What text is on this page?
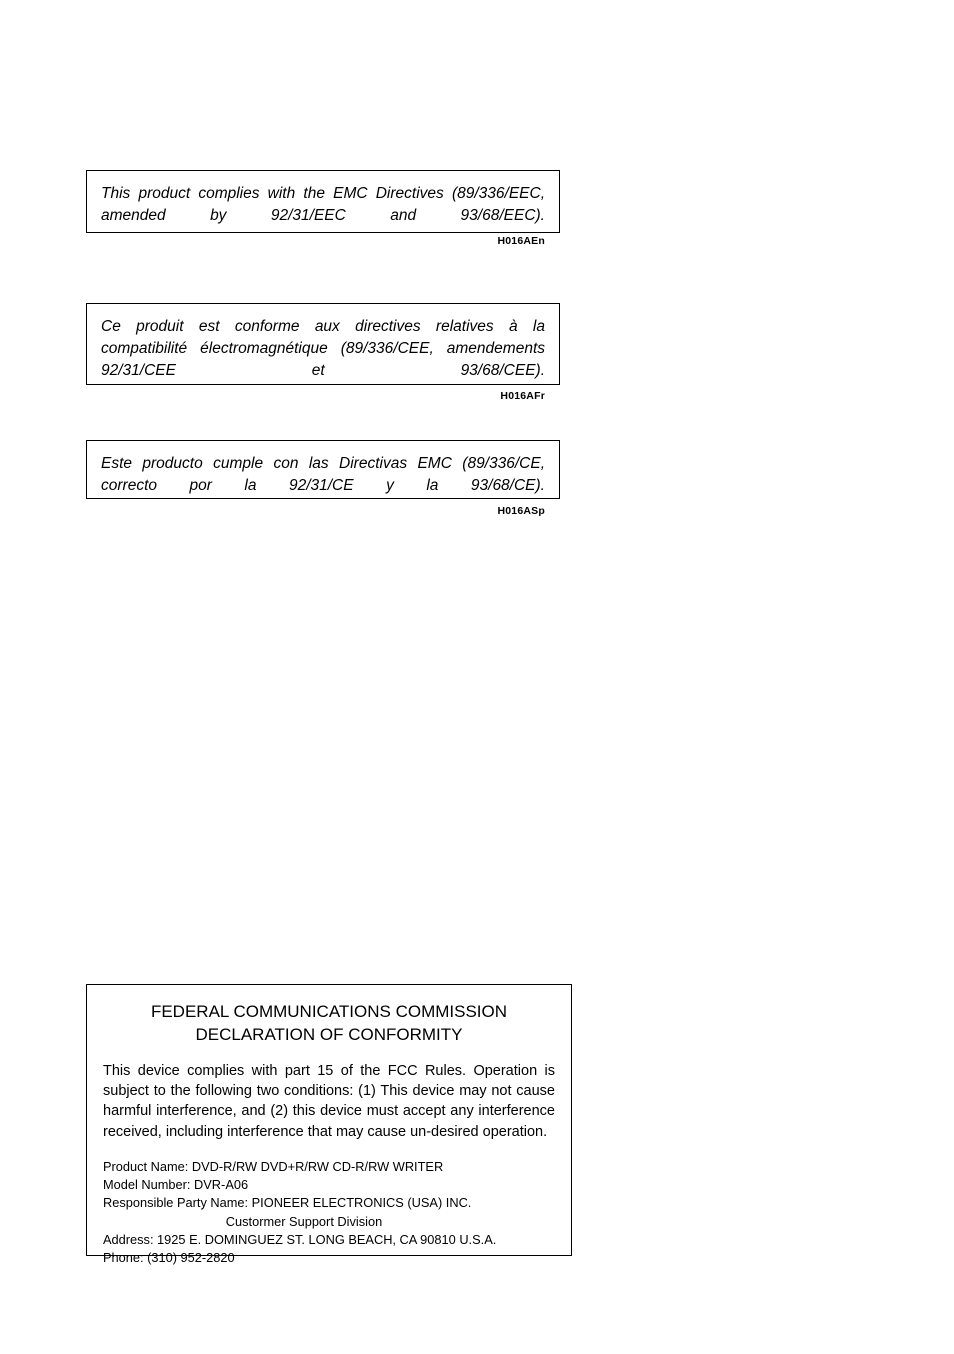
This product complies with the EMC Directives (89/336/EEC, amended by 92/31/EEC and 93/68/EEC).

H016AEn

Ce produit est conforme aux directives relatives à la compatibilité électromagnétique (89/336/CEE, amendements 92/31/CEE et 93/68/CEE).

H016AFr

Este producto cumple con las Directivas EMC (89/336/CE, correcto por la 92/31/CE y la 93/68/CE).

H016ASp
FEDERAL COMMUNICATIONS COMMISSION
DECLARATION OF CONFORMITY

This device complies with part 15 of the FCC Rules. Operation is subject to the following two conditions: (1) This device may not cause harmful interference, and (2) this device must accept any interference received, including interference that may cause un-desired operation.

Product Name: DVD-R/RW DVD+R/RW CD-R/RW WRITER
Model Number: DVR-A06
Responsible Party Name: PIONEER ELECTRONICS (USA) INC.
Custormer Support Division
Address: 1925 E. DOMINGUEZ ST. LONG BEACH, CA 90810 U.S.A.
Phone: (310) 952-2820
